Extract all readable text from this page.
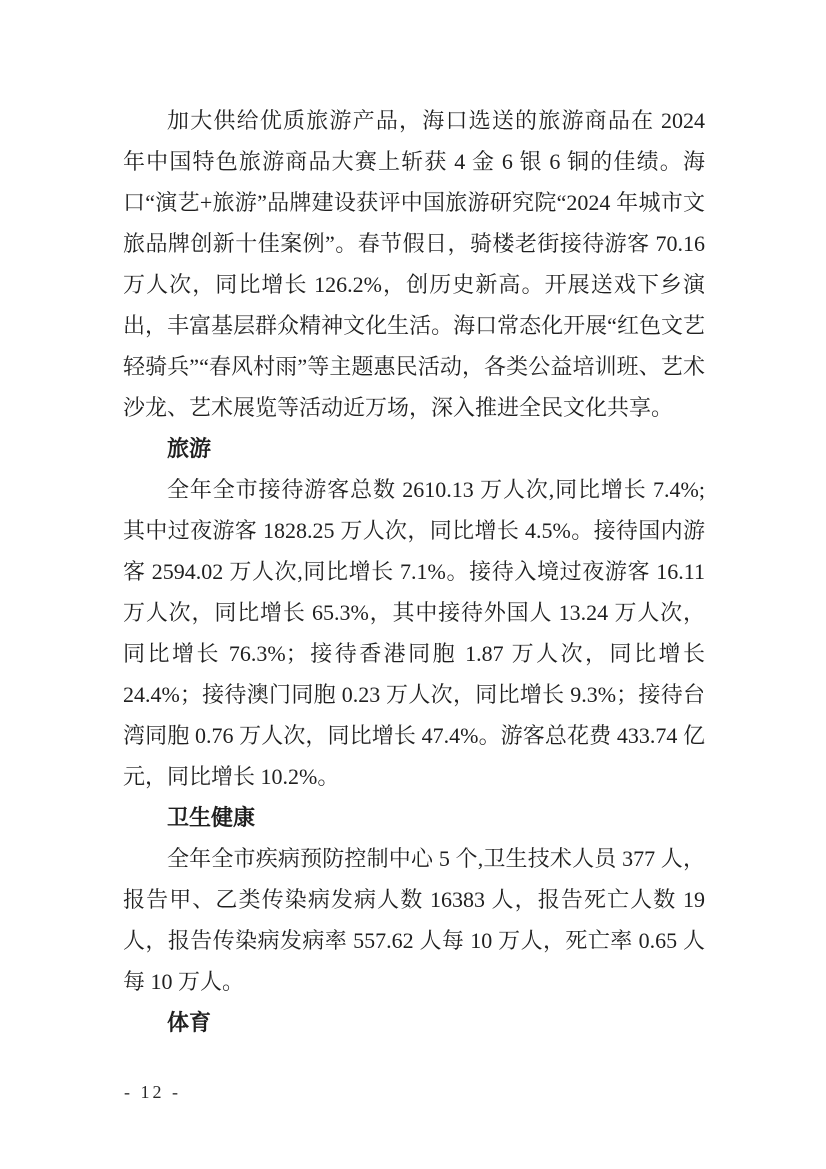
加大供给优质旅游产品，海口选送的旅游商品在 2024 年中国特色旅游商品大赛上斩获 4 金 6 银 6 铜的佳绩。海口“演艺+旅游”品牌建设获评中国旅游研究院“2024 年城市文旅品牌创新十佳案例”。春节假日，骑楼老街接待游客 70.16 万人次，同比增长 126.2%，创历史新高。开展送戏下乡演出，丰富基层群众精神文化生活。海口常态化开展“红色文艺轻骑兵”“春风村雨”等主题惠民活动，各类公益培训班、艺术沙龙、艺术展览等活动近万场，深入推进全民文化共享。

旅游

全年全市接待游客总数 2610.13 万人次,同比增长 7.4%;其中过夜游客 1828.25 万人次，同比增长 4.5%。接待国内游客 2594.02 万人次,同比增长 7.1%。接待入境过夜游客 16.11 万人次，同比增长 65.3%，其中接待外国人 13.24 万人次，同比增长 76.3%；接待香港同胞 1.87 万人次，同比增长 24.4%；接待澳门同胞 0.23 万人次，同比增长 9.3%；接待台湾同胞 0.76 万人次，同比增长 47.4%。游客总花费 433.74 亿元，同比增长 10.2%。

卫生健康

全年全市疾病预防控制中心 5 个,卫生技术人员 377 人，报告甲、乙类传染病发病人数 16383 人，报告死亡人数 19 人，报告传染病发病率 557.62 人每 10 万人，死亡率 0.65 人每 10 万人。

体育

- 12 -
